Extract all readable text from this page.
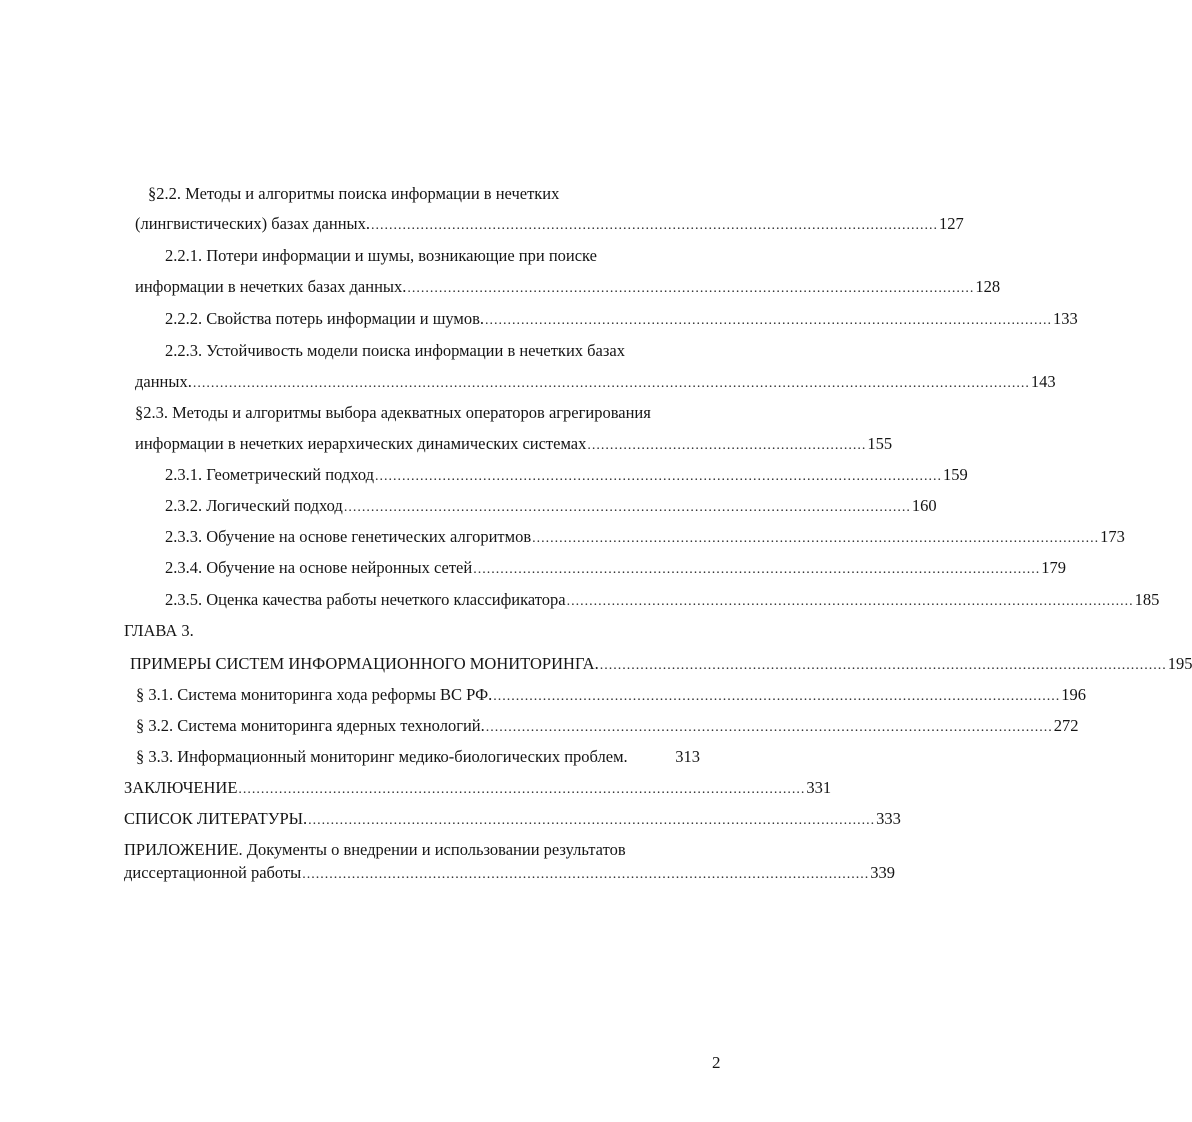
§2.2. Методы и алгоритмы поиска информации в нечетких
(лингвистических) базах данных. .............................................................................................................................. 127
2.2.1. Потери информации и шумы, возникающие при поиске
информации в нечетких базах данных. .............................................................................................................................. 128
2.2.2. Свойства потерь информации и шумов. .............................................................................................................................. 133
2.2.3. Устойчивость модели поиска информации в нечетких базах
данных. .......................................................................................................................................................................................... 143
§2.3. Методы и алгоритмы выбора адекватных операторов агрегирования
информации в нечетких иерархических динамических системах .............................................................. 155
2.3.1. Геометрический подход .............................................................................................................................. 159
2.3.2. Логический подход .............................................................................................................................. 160
2.3.3. Обучение на основе генетических алгоритмов .............................................................................................................................. 173
2.3.4. Обучение на основе нейронных сетей .............................................................................................................................. 179
2.3.5. Оценка качества работы нечеткого классификатора .............................................................................................................................. 185
ГЛАВА 3.
ПРИМЕРЫ СИСТЕМ ИНФОРМАЦИОННОГО МОНИТОРИНГА. .............................................................................................................................. 195
§ 3.1. Система мониторинга хода реформы ВС РФ. .............................................................................................................................. 196
§ 3.2. Система мониторинга ядерных технологий. .............................................................................................................................. 272
§ 3.3. Информационный мониторинг медико-биологических проблем.	313
ЗАКЛЮЧЕНИЕ .............................................................................................................................. 331
СПИСОК ЛИТЕРАТУРЫ. .............................................................................................................................. 333
ПРИЛОЖЕНИЕ. Документы о внедрении и использовании результатов
диссертационной работы .............................................................................................................................. 339
2
